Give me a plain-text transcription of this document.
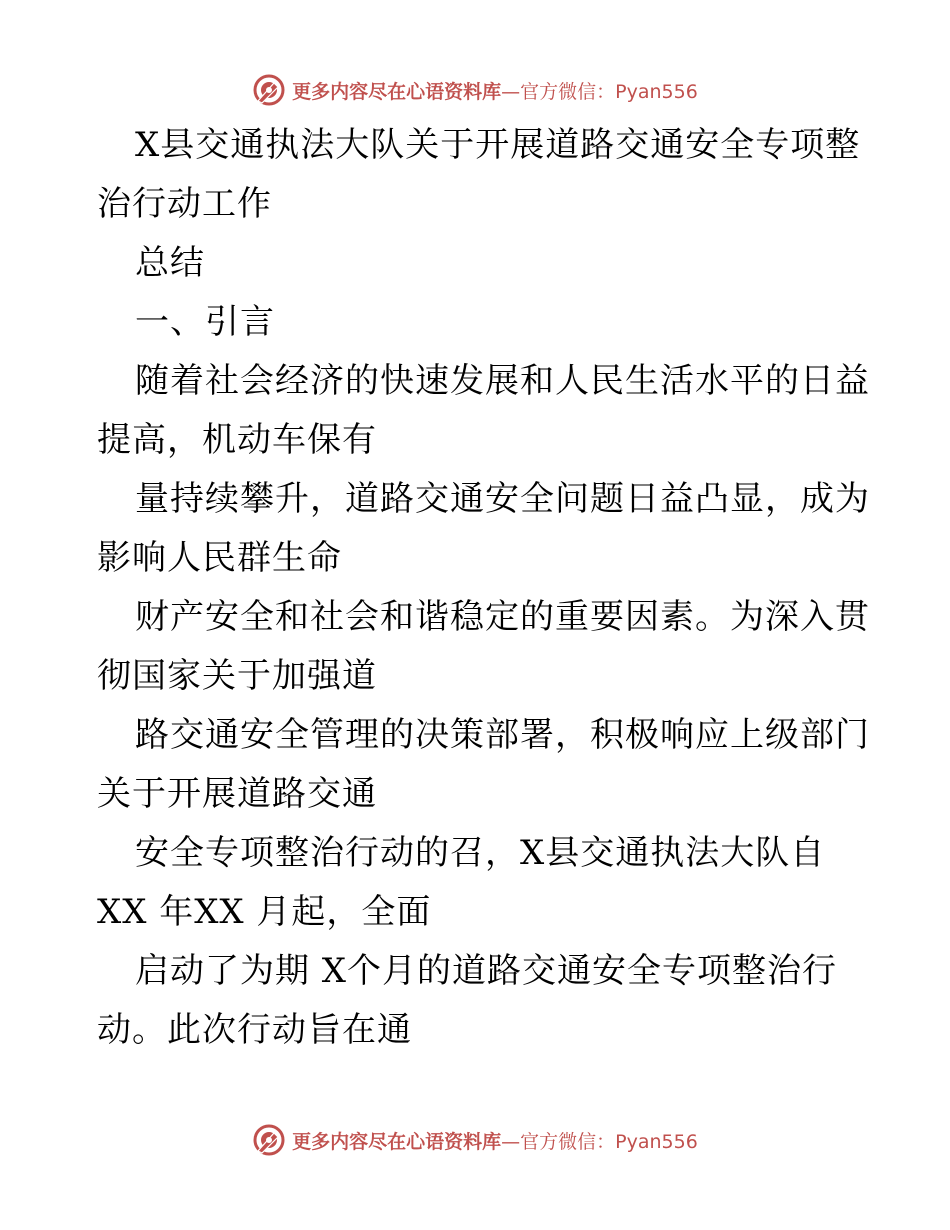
更多内容尽在心语资料库—官方微信：Pyan556
X县交通执法大队关于开展道路交通安全专项整
治行动工作
总结
一、引言
随着社会经济的快速发展和人民生活水平的日益
提高，机动车保有
量持续攀升，道路交通安全问题日益凸显，成为
影响人民群生命
财产安全和社会和谐稳定的重要因素。为深入贯
彻国家关于加强道
路交通安全管理的决策部署，积极响应上级部门
关于开展道路交通
安全专项整治行动的召，X县交通执法大队自
XX 年XX 月起，全面
启动了为期 X个月的道路交通安全专项整治行
动。此次行动旨在通
更多内容尽在心语资料库—官方微信：Pyan556
